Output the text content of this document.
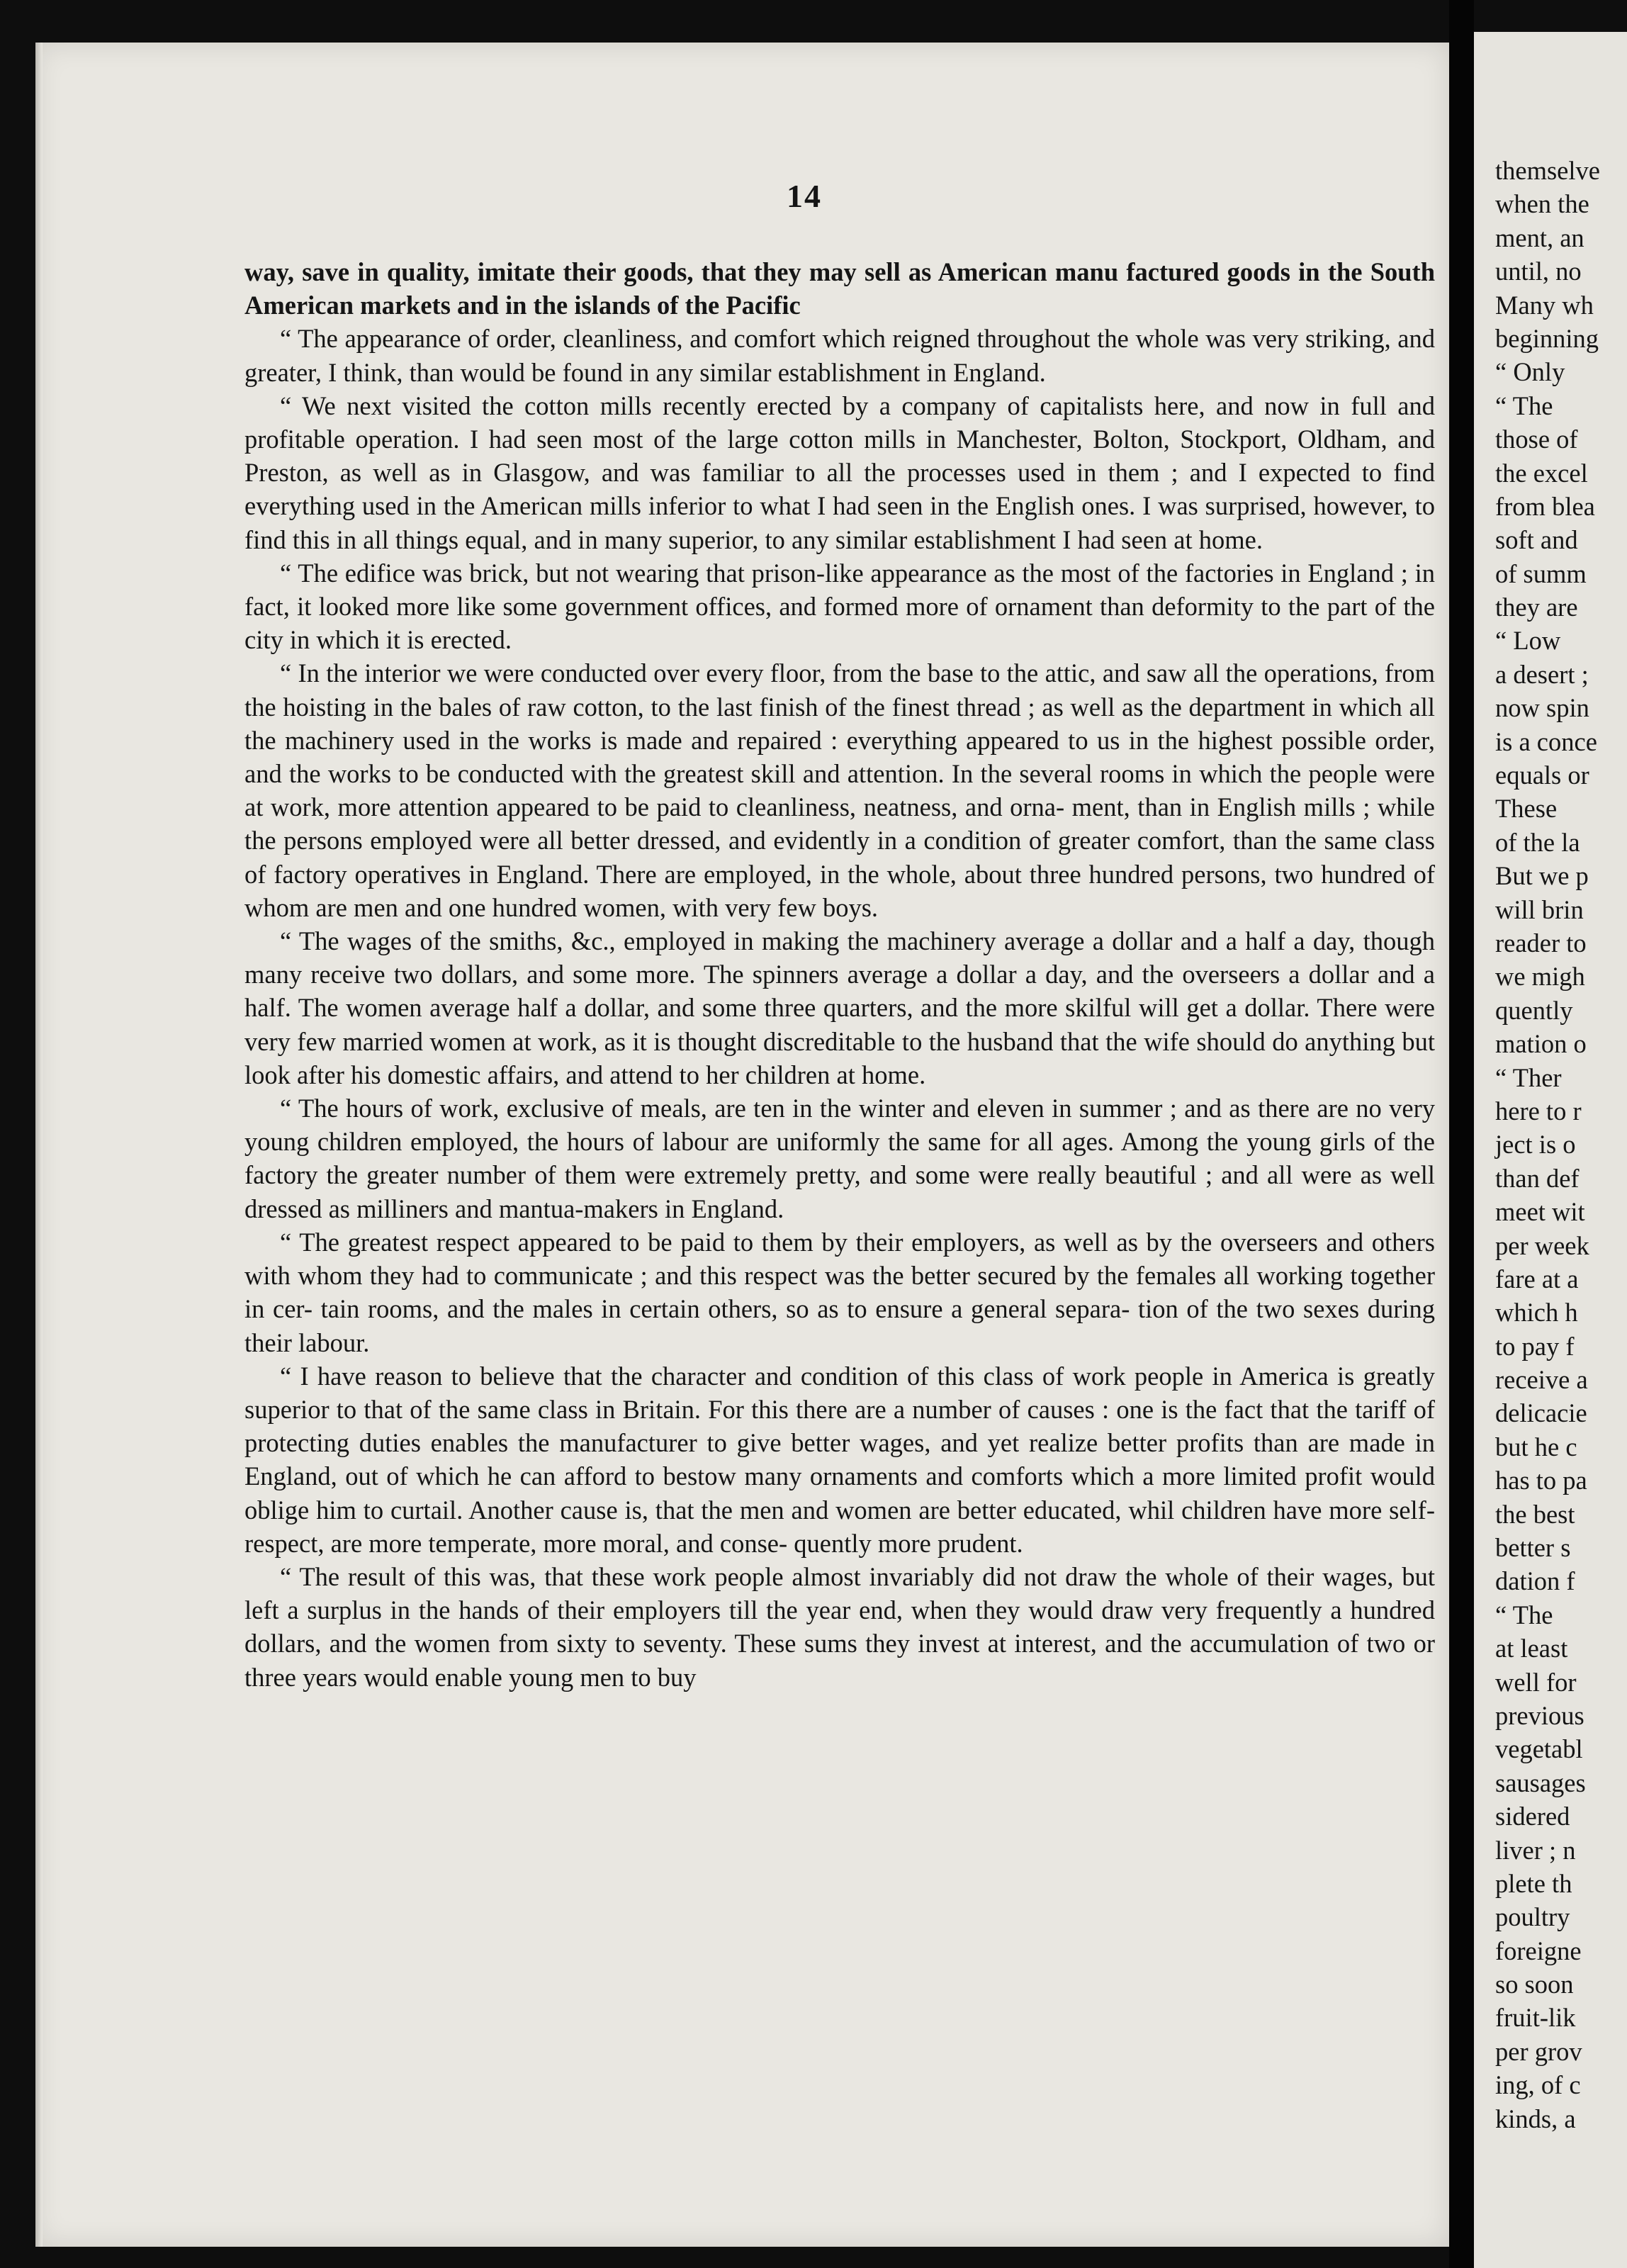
14

way, save in quality, imitate their goods, that they may sell as American manu factured goods in the South American markets and in the islands of the Pacific

“ The appearance of order, cleanliness, and comfort which reigned throughout the whole was very striking, and greater, I think, than would be found in any similar establishment in England.

“ We next visited the cotton mills recently erected by a company of capitalists here, and now in full and profitable operation. I had seen most of the large cotton mills in Manchester, Bolton, Stockport, Oldham, and Preston, as well as in Glasgow, and was familiar to all the processes used in them ; and I expected to find everything used in the American mills inferior to what I had seen in the English ones. I was surprised, however, to find this in all things equal, and in many superior, to any similar establishment I had seen at home.

“ The edifice was brick, but not wearing that prison-like appearance as the most of the factories in England ; in fact, it looked more like some government offices, and formed more of ornament than deformity to the part of the city in which it is erected.

“ In the interior we were conducted over every floor, from the base to the attic, and saw all the operations, from the hoisting in the bales of raw cotton, to the last finish of the finest thread ; as well as the department in which all the machinery used in the works is made and repaired : everything appeared to us in the highest possible order, and the works to be conducted with the greatest skill and attention. In the several rooms in which the people were at work, more attention appeared to be paid to cleanliness, neatness, and orna- ment, than in English mills ; while the persons employed were all better dressed, and evidently in a condition of greater comfort, than the same class of factory operatives in England. There are employed, in the whole, about three hundred persons, two hundred of whom are men and one hundred women, with very few boys.

“ The wages of the smiths, &c., employed in making the machinery average a dollar and a half a day, though many receive two dollars, and some more. The spinners average a dollar a day, and the overseers a dollar and a half. The women average half a dollar, and some three quarters, and the more skilful will get a dollar. There were very few married women at work, as it is thought discreditable to the husband that the wife should do anything but look after his domestic affairs, and attend to her children at home.

“ The hours of work, exclusive of meals, are ten in the winter and eleven in summer ; and as there are no very young children employed, the hours of labour are uniformly the same for all ages. Among the young girls of the factory the greater number of them were extremely pretty, and some were really beautiful ; and all were as well dressed as milliners and mantua-makers in England.

“ The greatest respect appeared to be paid to them by their employers, as well as by the overseers and others with whom they had to communicate ; and this respect was the better secured by the females all working together in cer- tain rooms, and the males in certain others, so as to ensure a general separa- tion of the two sexes during their labour.

“ I have reason to believe that the character and condition of this class of work people in America is greatly superior to that of the same class in Britain. For this there are a number of causes : one is the fact that the tariff of protecting duties enables the manufacturer to give better wages, and yet realize better profits than are made in England, out of which he can afford to bestow many ornaments and comforts which a more limited profit would oblige him to curtail. Another cause is, that the men and women are better educated, whil children have more self-respect, are more temperate, more moral, and conse- quently more prudent.

“ The result of this was, that these work people almost invariably did not draw the whole of their wages, but left a surplus in the hands of their employers till the year end, when they would draw very frequently a hundred dollars, and the women from sixty to seventy. These sums they invest at interest, and the accumulation of two or three years would enable young men to buy

themselve
when the
ment, an
until, no
Many wh
beginning
“ Only
“ The
those of
the excel
from blea
soft and
of summ
they are
“ Low
a desert ;
now spin
is a conce
equals or
These
of the la
But we p
will brin
reader to
we migh
quently
mation o
“ Ther
here to r
ject is o
than def
meet wit
per week
fare at a
which h
to pay f
receive a
delicacie
but he c
has to pa
the best
better s
dation f
“ The
at least
well for
previous
vegetabl
sausages
sidered
liver ; n
plete th
poultry
foreigne
so soon
fruit-lik
per grov
ing, of c
kinds, a
